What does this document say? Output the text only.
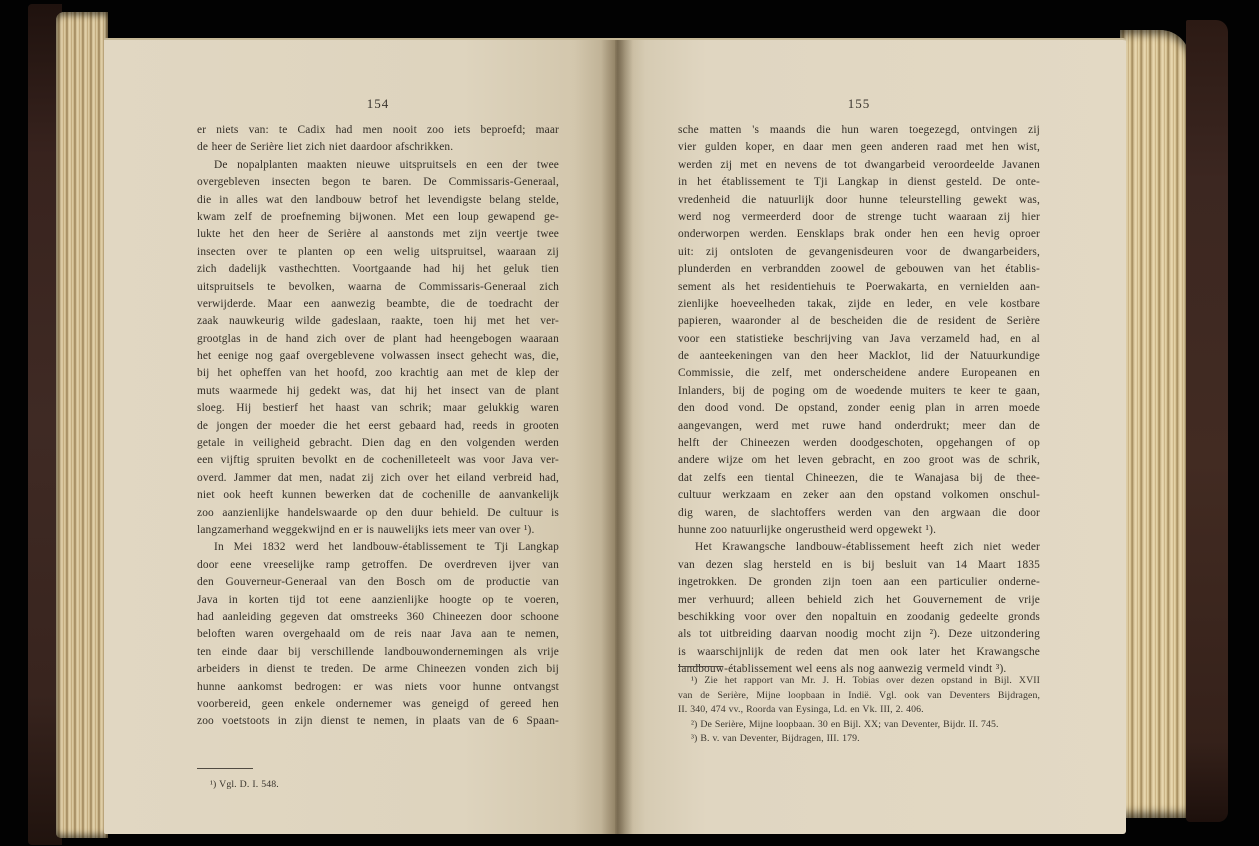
154
er niets van: te Cadix had men nooit zoo iets beproefd; maar
de heer de Serière liet zich niet daardoor afschrikken.
De nopalplanten maakten nieuwe uitspruitsels en een der twee
overgebleven insecten begon te baren. De Commissaris-Generaal,
die in alles wat den landbouw betrof het levendigste belang stelde,
kwam zelf de proefneming bijwonen. Met een loup gewapend ge-
lukte het den heer de Serière al aanstonds met zijn veertje twee
insecten over te planten op een welig uitspruitsel, waaraan zij
zich dadelijk vasthechtten. Voortgaande had hij het geluk tien
uitspruitsels te bevolken, waarna de Commissaris-Generaal zich
verwijderde. Maar een aanwezig beambte, die de toedracht der
zaak nauwkeurig wilde gadeslaan, raakte, toen hij met het ver-
grootglas in de hand zich over de plant had heengebogen waaraan
het eenige nog gaaf overgeblevene volwassen insect gehecht was, die,
bij het opheffen van het hoofd, zoo krachtig aan met de klep der
muts waarmede hij gedekt was, dat hij het insect van de plant
sloeg. Hij bestierf het haast van schrik; maar gelukkig waren
de jongen der moeder die het eerst gebaard had, reeds in grooten
getale in veiligheid gebracht. Dien dag en den volgenden werden
een vijftig spruiten bevolkt en de cochenilleteelt was voor Java ver-
overd. Jammer dat men, nadat zij zich over het eiland verbreid had,
niet ook heeft kunnen bewerken dat de cochenille de aanvankelijk
zoo aanzienlijke handelswaarde op den duur behield. De cultuur is
langzamerhand weggekwijnd en er is nauwelijks iets meer van over ¹).
In Mei 1832 werd het landbouw-établissement te Tji Langkap
door eene vreeselijke ramp getroffen. De overdreven ijver van
den Gouverneur-Generaal van den Bosch om de productie van
Java in korten tijd tot eene aanzienlijke hoogte op te voeren,
had aanleiding gegeven dat omstreeks 360 Chineezen door schoone
beloften waren overgehaald om de reis naar Java aan te nemen,
ten einde daar bij verschillende landbouwondernemingen als vrije
arbeiders in dienst te treden. De arme Chineezen vonden zich bij
hunne aankomst bedrogen: er was niets voor hunne ontvangst
voorbereid, geen enkele ondernemer was geneigd of gereed hen
zoo voetstoots in zijn dienst te nemen, in plaats van de 6 Spaan-
¹) Vgl. D. I. 548.
155
sche matten 's maands die hun waren toegezegd, ontvingen zij
vier gulden koper, en daar men geen anderen raad met hen wist,
werden zij met en nevens de tot dwangarbeid veroordeelde Javanen
in het établissement te Tji Langkap in dienst gesteld. De onte-
vredenheid die natuurlijk door hunne teleurstelling gewekt was,
werd nog vermeerderd door de strenge tucht waaraan zij hier
onderworpen werden. Eensklaps brak onder hen een hevig oproer
uit: zij ontsloten de gevangenisdeuren voor de dwangarbeiders,
plunderden en verbrandden zoowel de gebouwen van het établis-
sement als het residentiehuis te Poerwakarta, en vernielden aan-
zienlijke hoeveelheden takak, zijde en leder, en vele kostbare
papieren, waaronder al de bescheiden die de resident de Serière
voor een statistieke beschrijving van Java verzameld had, en al
de aanteekeningen van den heer Macklot, lid der Natuurkundige
Commissie, die zelf, met onderscheidene andere Europeanen en
Inlanders, bij de poging om de woedende muiters te keer te gaan,
den dood vond. De opstand, zonder eenig plan in arren moede
aangevangen, werd met ruwe hand onderdrukt; meer dan de
helft der Chineezen werden doodgeschoten, opgehangen of op
andere wijze om het leven gebracht, en zoo groot was de schrik,
dat zelfs een tiental Chineezen, die te Wanajasa bij de thee-
cultuur werkzaam en zeker aan den opstand volkomen onschul-
dig waren, de slachtoffers werden van den argwaan die door
hunne zoo natuurlijke ongerustheid werd opgewekt ¹).
Het Krawangsche landbouw-établissement heeft zich niet weder
van dezen slag hersteld en is bij besluit van 14 Maart 1835
ingetrokken. De gronden zijn toen aan een particulier onderne-
mer verhuurd; alleen behield zich het Gouvernement de vrije
beschikking voor over den nopaltuin en zoodanig gedeelte gronds
als tot uitbreiding daarvan noodig mocht zijn ²). Deze uitzondering
is waarschijnlijk de reden dat men ook later het Krawangsche
landbouw-établissement wel eens als nog aanwezig vermeld vindt ³).
¹) Zie het rapport van Mr. J. H. Tobias over dezen opstand in Bijl. XVII
van de Serière, Mijne loopbaan in Indië. Vgl. ook van Deventers Bijdragen,
II. 340, 474 vv., Roorda van Eysinga, Ld. en Vk. III, 2. 406.
²) De Serière, Mijne loopbaan. 30 en Bijl. XX; van Deventer, Bijdr. II. 745.
³) B. v. van Deventer, Bijdragen, III. 179.
